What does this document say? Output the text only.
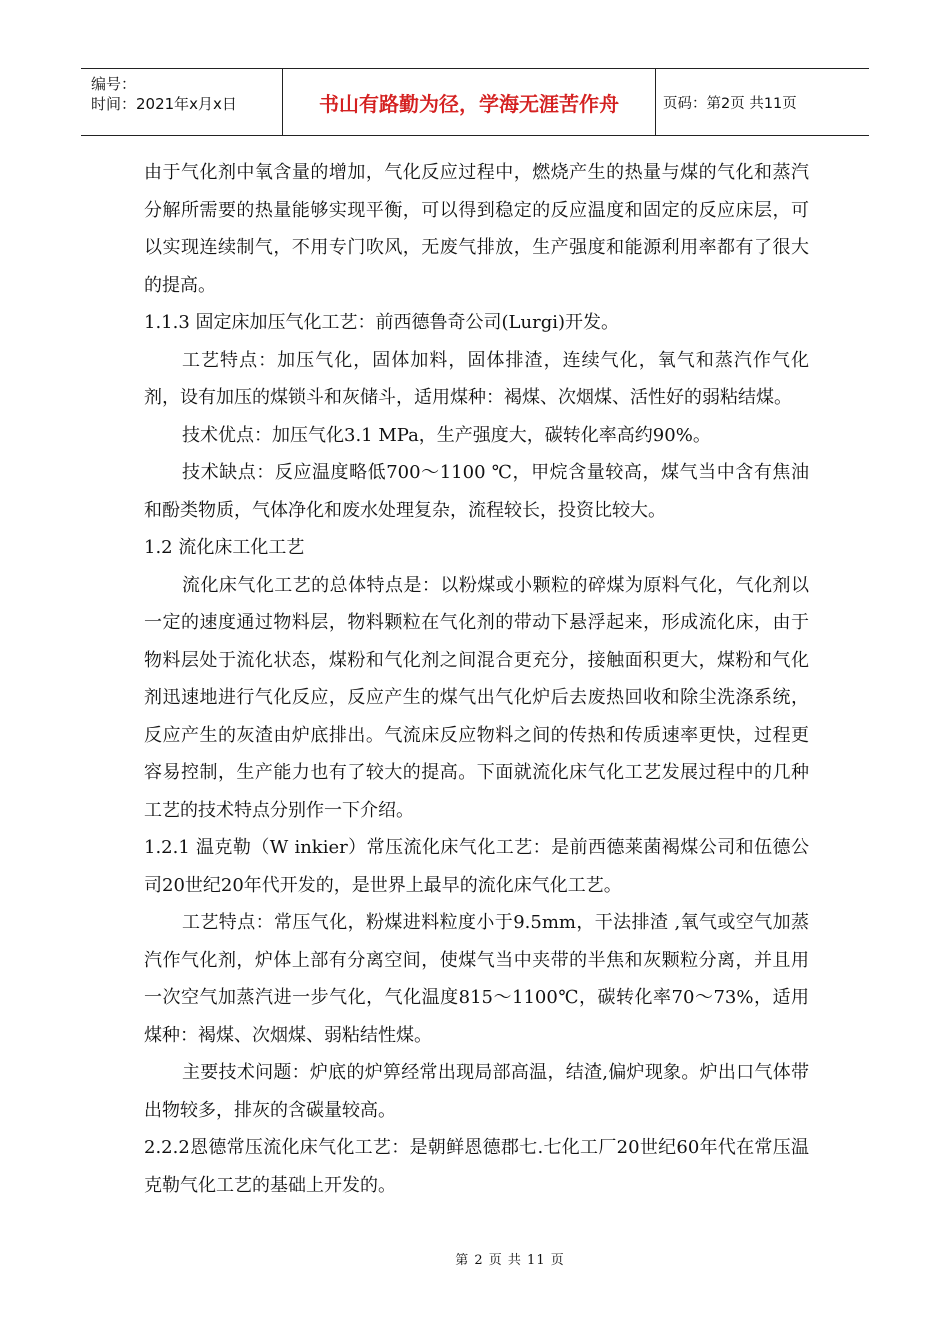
编号：
时间：2021年x月x日	书山有路勤为径，学海无涯苦作舟	页码：第2页 共11页

由于气化剂中氧含量的增加，气化反应过程中，燃烧产生的热量与煤的气化和蒸汽分解所需要的热量能够实现平衡，可以得到稳定的反应温度和固定的反应床层，可以实现连续制气，不用专门吹风，无废气排放，生产强度和能源利用率都有了很大的提高。

1.1.3 固定床加压气化工艺：前西德鲁奇公司(Lurgi)开发。

工艺特点：加压气化，固体加料，固体排渣，连续气化，氧气和蒸汽作气化剂，设有加压的煤锁斗和灰储斗，适用煤种：褐煤、次烟煤、活性好的弱粘结煤。

技术优点：加压气化3.1 MPa，生产强度大，碳转化率高约90%。

技术缺点：反应温度略低700～1100 ℃，甲烷含量较高，煤气当中含有焦油和酚类物质，气体净化和废水处理复杂，流程较长，投资比较大。

1.2 流化床工化工艺

流化床气化工艺的总体特点是：以粉煤或小颗粒的碎煤为原料气化，气化剂以一定的速度通过物料层，物料颗粒在气化剂的带动下悬浮起来，形成流化床，由于物料层处于流化状态，煤粉和气化剂之间混合更充分，接触面积更大，煤粉和气化剂迅速地进行气化反应，反应产生的煤气出气化炉后去废热回收和除尘洗涤系统，反应产生的灰渣由炉底排出。气流床反应物料之间的传热和传质速率更快，过程更容易控制，生产能力也有了较大的提高。下面就流化床气化工艺发展过程中的几种工艺的技术特点分别作一下介绍。

1.2.1 温克勒（W inkier）常压流化床气化工艺：是前西德莱菌褐煤公司和伍德公司20世纪20年代开发的，是世界上最早的流化床气化工艺。

工艺特点：常压气化，粉煤进料粒度小于9.5mm，干法排渣 ,氧气或空气加蒸汽作气化剂，炉体上部有分离空间，使煤气当中夹带的半焦和灰颗粒分离，并且用一次空气加蒸汽进一步气化，气化温度815～1100℃，碳转化率70～73%，适用煤种：褐煤、次烟煤、弱粘结性煤。

主要技术问题：炉底的炉箅经常出现局部高温，结渣,偏炉现象。炉出口气体带出物较多，排灰的含碳量较高。

2.2.2恩德常压流化床气化工艺：是朝鲜恩德郡七.七化工厂20世纪60年代在常压温克勒气化工艺的基础上开发的。

第 2 页 共 11 页
